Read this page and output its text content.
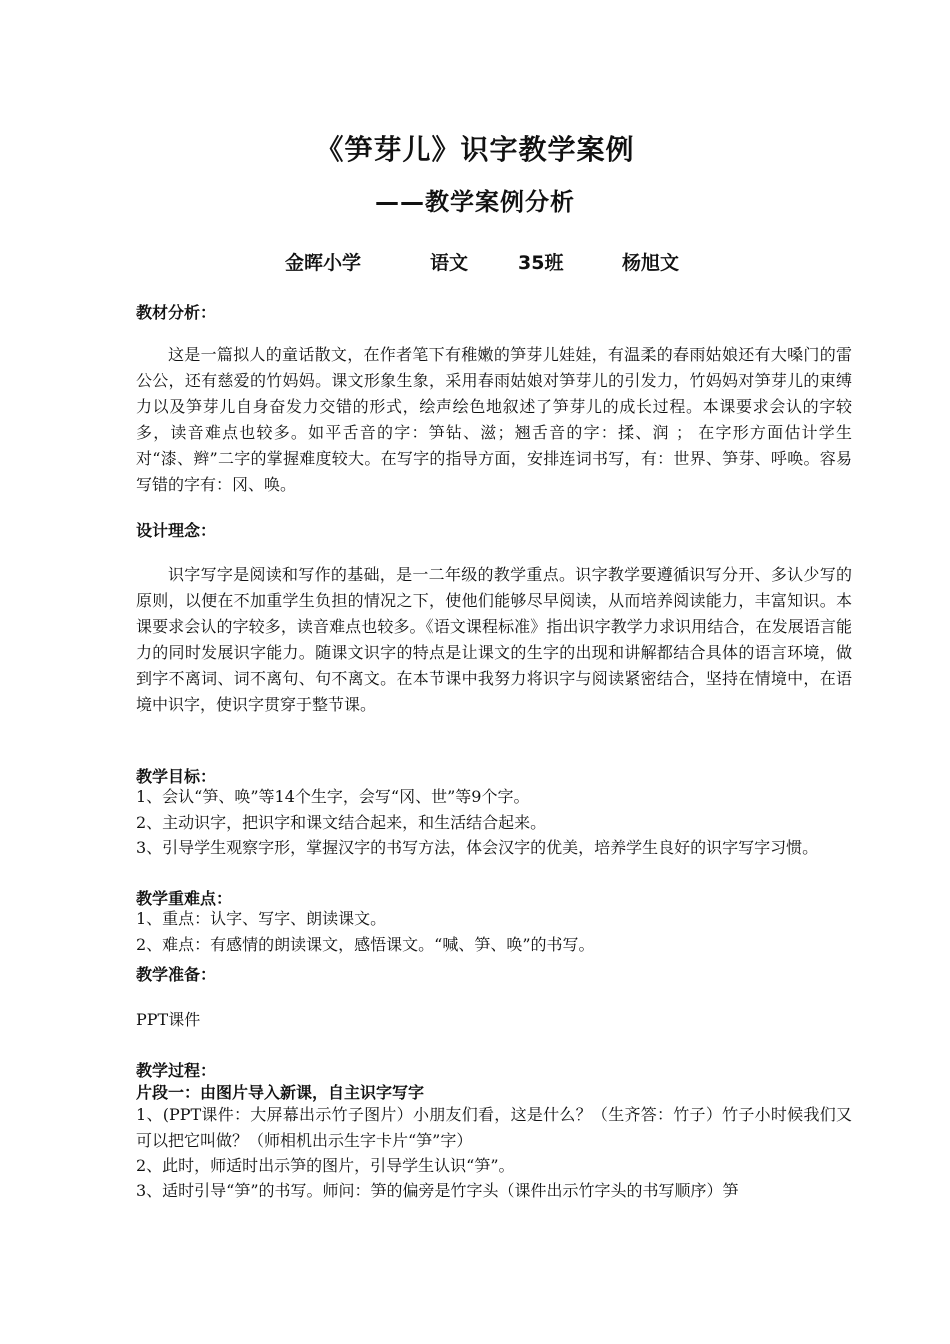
《笋芽儿》识字教学案例
——教学案例分析
金晖小学	语文	35班	杨旭文
教材分析：
这是一篇拟人的童话散文，在作者笔下有稚嫩的笋芽儿娃娃，有温柔的春雨姑娘还有大嗓门的雷公公，还有慈爱的竹妈妈。课文形象生象，采用春雨姑娘对笋芽儿的引发力，竹妈妈对笋芽儿的束缚力以及笋芽儿自身奋发力交错的形式，绘声绘色地叙述了笋芽儿的成长过程。本课要求会认的字较多，读音难点也较多。如平舌音的字：笋钻、滋；翘舌音的字：揉、润 ； 在字形方面估计学生对“漆、辫”二字的掌握难度较大。在写字的指导方面，安排连词书写，有：世界、笋芽、呼唤。容易写错的字有：冈、唤。
设计理念：
识字写字是阅读和写作的基础，是一二年级的教学重点。识字教学要遵循识写分开、多认少写的原则，以便在不加重学生负担的情况之下，使他们能够尽早阅读，从而培养阅读能力，丰富知识。本课要求会认的字较多，读音难点也较多。《语文课程标准》指出识字教学力求识用结合，在发展语言能力的同时发展识字能力。随课文识字的特点是让课文的生字的出现和讲解都结合具体的语言环境，做到字不离词、词不离句、句不离文。在本节课中我努力将识字与阅读紧密结合，坚持在情境中，在语境中识字，使识字贯穿于整节课。
教学目标：
1、会认“笋、唤”等14个生字，会写“冈、世”等9个字。
2、主动识字，把识字和课文结合起来，和生活结合起来。
3、引导学生观察字形，掌握汉字的书写方法，体会汉字的优美，培养学生良好的识字写字习惯。
教学重难点：
1、重点：认字、写字、朗读课文。
2、难点：有感情的朗读课文，感悟课文。“喊、笋、唤”的书写。
教学准备：
PPT课件
教学过程：
片段一：由图片导入新课，自主识字写字
1、(PPT课件：大屏幕出示竹子图片）小朋友们看，这是什么？（生齐答：竹子）竹子小时候我们又可以把它叫做？（师相机出示生字卡片“笋”字）
2、此时，师适时出示笋的图片，引导学生认识“笋”。
3、适时引导“笋”的书写。师问：笋的偏旁是竹字头（课件出示竹字头的书写顺序）笋
